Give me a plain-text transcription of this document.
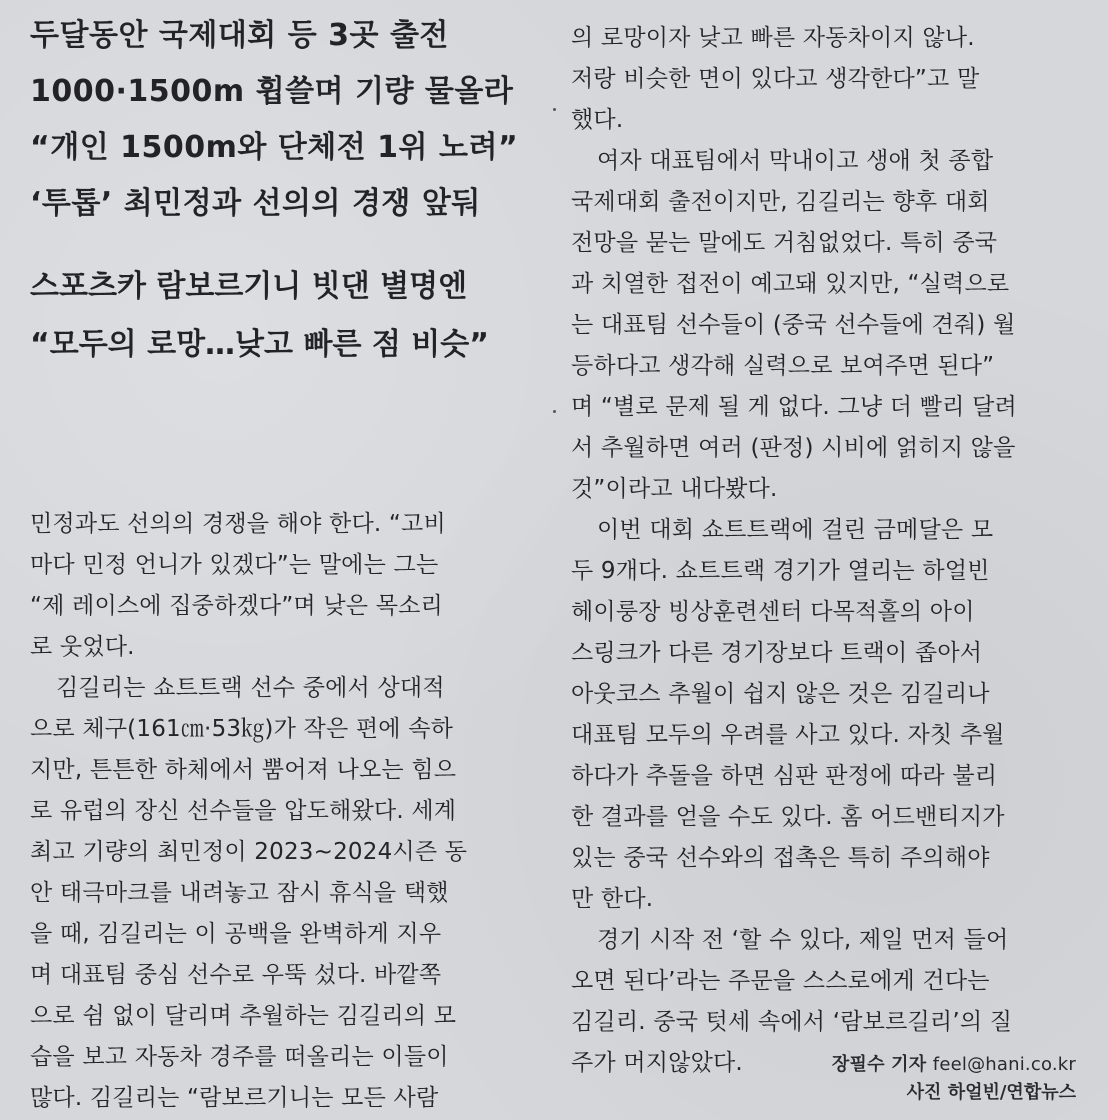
두달동안 국제대회 등 3곳 출전
1000·1500m 휩쓸며 기량 물올라
“개인 1500m와 단체전 1위 노려”
‘투톱’ 최민정과 선의의 경쟁 앞둬
스포츠카 람보르기니 빗댄 별명엔
“모두의 로망…낮고 빠른 점 비슷”
민정과도 선의의 경쟁을 해야 한다. “고비
마다 민정 언니가 있겠다”는 말에는 그는
“제 레이스에 집중하겠다”며 낮은 목소리
로 웃었다.
김길리는 쇼트트랙 선수 중에서 상대적
으로 체구(161㎝·53㎏)가 작은 편에 속하
지만, 튼튼한 하체에서 뿜어져 나오는 힘으
로 유럽의 장신 선수들을 압도해왔다. 세계
최고 기량의 최민정이 2023~2024시즌 동
안 태극마크를 내려놓고 잠시 휴식을 택했
을 때, 김길리는 이 공백을 완벽하게 지우
며 대표팀 중심 선수로 우뚝 섰다. 바깥쪽
으로 쉼 없이 달리며 추월하는 김길리의 모
습을 보고 자동차 경주를 떠올리는 이들이
많다. 김길리는 “람보르기니는 모든 사람
의 로망이자 낮고 빠른 자동차이지 않나.
저랑 비슷한 면이 있다고 생각한다”고 말
했다.
여자 대표팀에서 막내이고 생애 첫 종합
국제대회 출전이지만, 김길리는 향후 대회
전망을 묻는 말에도 거침없었다. 특히 중국
과 치열한 접전이 예고돼 있지만, “실력으로
는 대표팀 선수들이 (중국 선수들에 견줘) 월
등하다고 생각해 실력으로 보여주면 된다”
며 “별로 문제 될 게 없다. 그냥 더 빨리 달려
서 추월하면 여러 (판정) 시비에 얽히지 않을
것”이라고 내다봤다.
이번 대회 쇼트트랙에 걸린 금메달은 모
두 9개다. 쇼트트랙 경기가 열리는 하얼빈
헤이룽장 빙상훈련센터 다목적홀의 아이
스링크가 다른 경기장보다 트랙이 좁아서
아웃코스 추월이 쉽지 않은 것은 김길리나
대표팀 모두의 우려를 사고 있다. 자칫 추월
하다가 추돌을 하면 심판 판정에 따라 불리
한 결과를 얻을 수도 있다. 홈 어드밴티지가
있는 중국 선수와의 접촉은 특히 주의해야
만 한다.
경기 시작 전 ‘할 수 있다, 제일 먼저 들어
오면 된다’라는 주문을 스스로에게 건다는
김길리. 중국 텃세 속에서 ‘람보르길리’의 질
주가 머지않았다.	장필수 기자 feel@hani.co.kr
사진 하얼빈/연합뉴스
